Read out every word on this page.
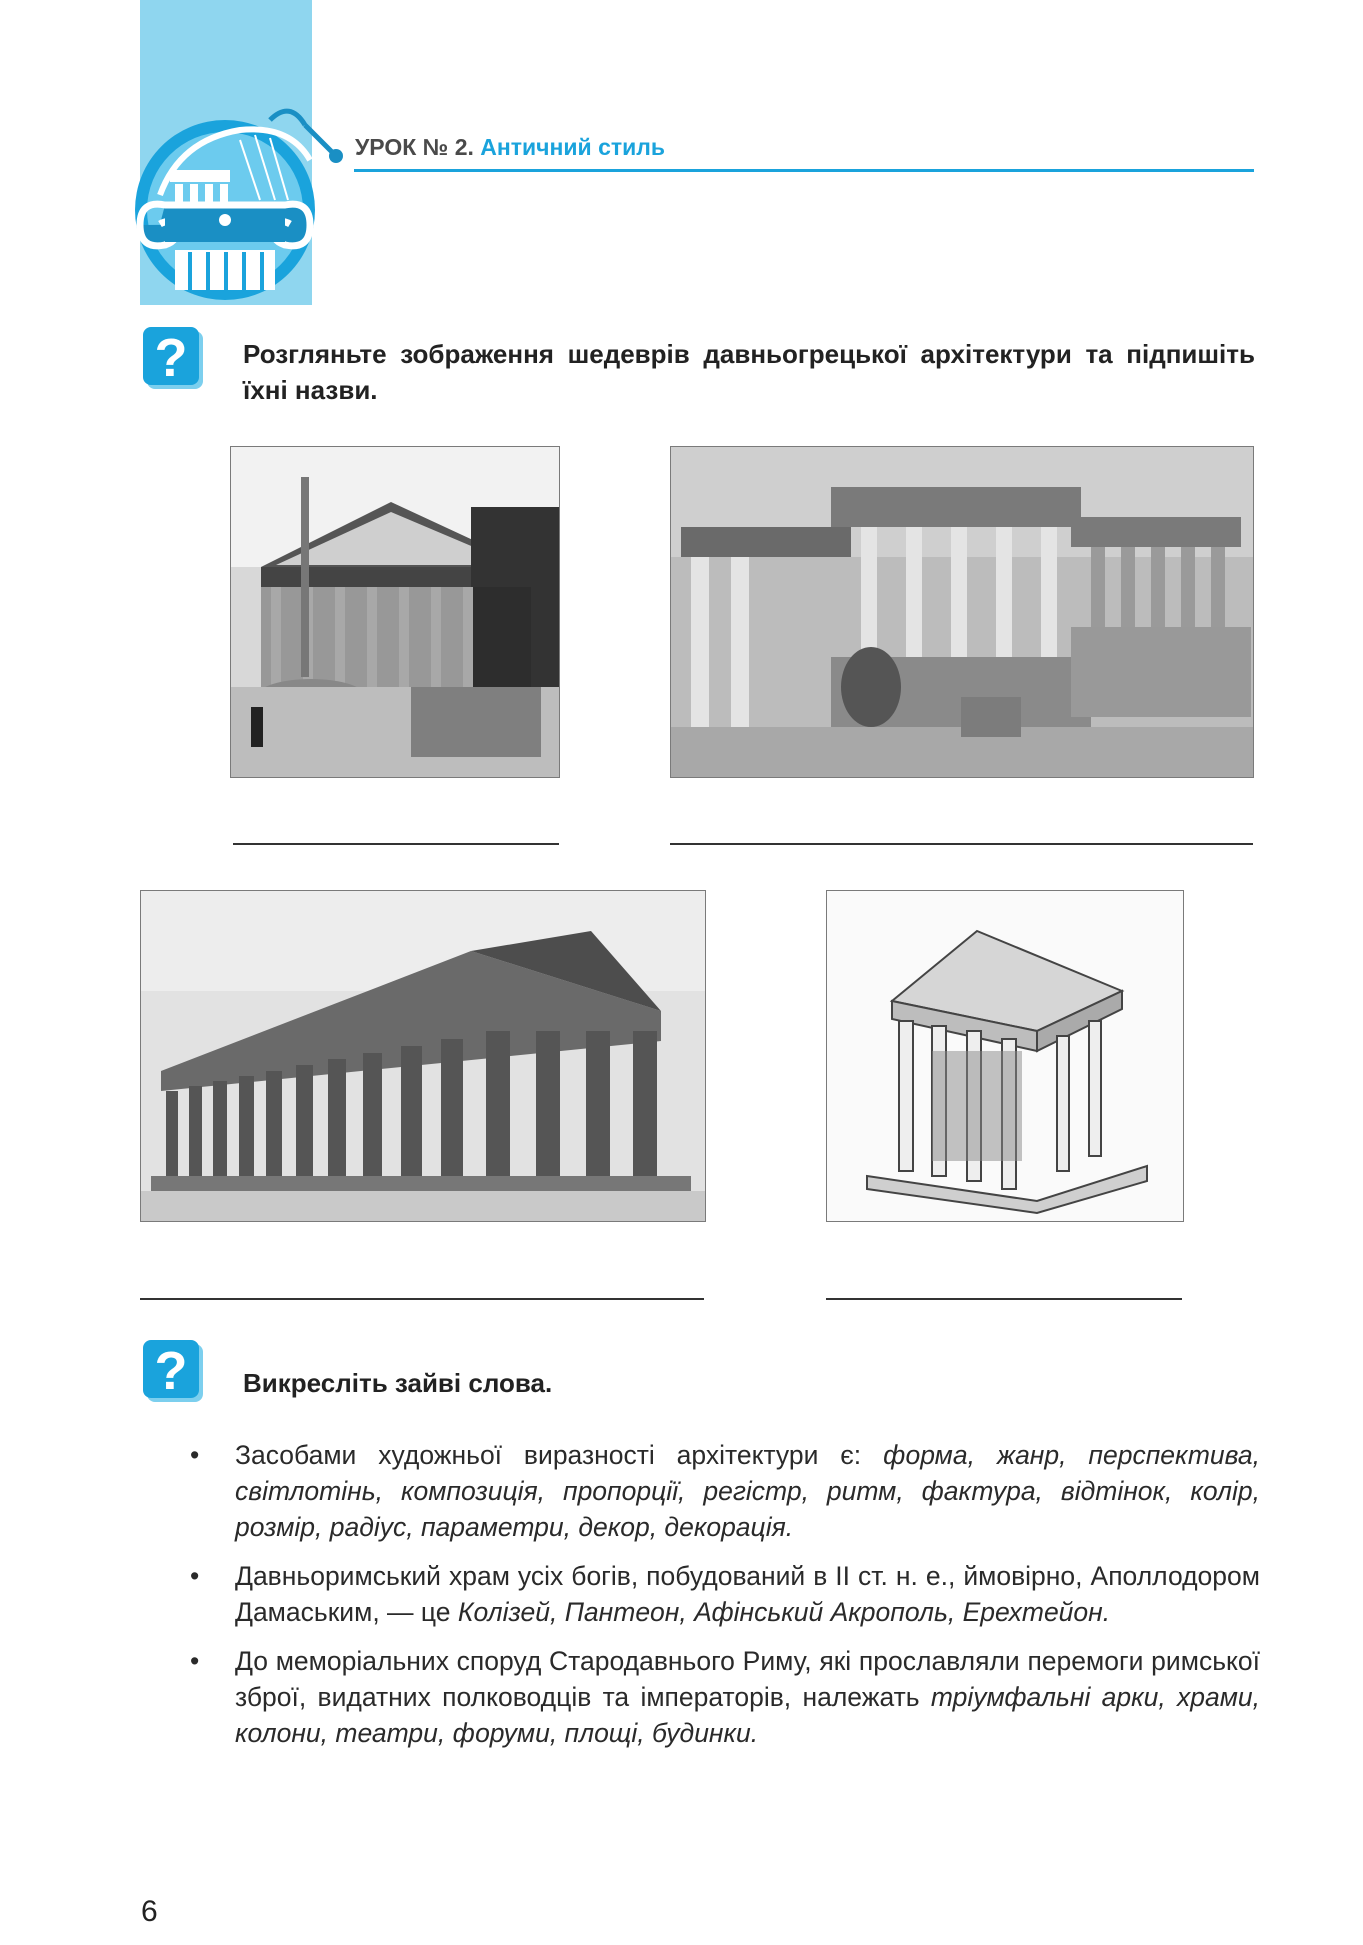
УРОК № 2. Античний стиль
? Розгляньте зображення шедеврів давньогрецької архітектури та підпишіть їхні назви.
? Викресліть зайві слова.
• Засобами художньої виразності архітектури є: форма, жанр, перспектива, світлотінь, композиція, пропорції, регістр, ритм, фактура, відтінок, колір, розмір, радіус, параметри, декор, декорація.
• Давньоримський храм усіх богів, побудований в II ст. н. е., ймовірно, Аполлодором Дамаським, — це Колізей, Пантеон, Афінський Акрополь, Ерехтейон.
• До меморіальних споруд Стародавнього Риму, які прославляли перемоги римської зброї, видатних полководців та імператорів, належать тріумфальні арки, храми, колони, театри, форуми, площі, будинки.
6
